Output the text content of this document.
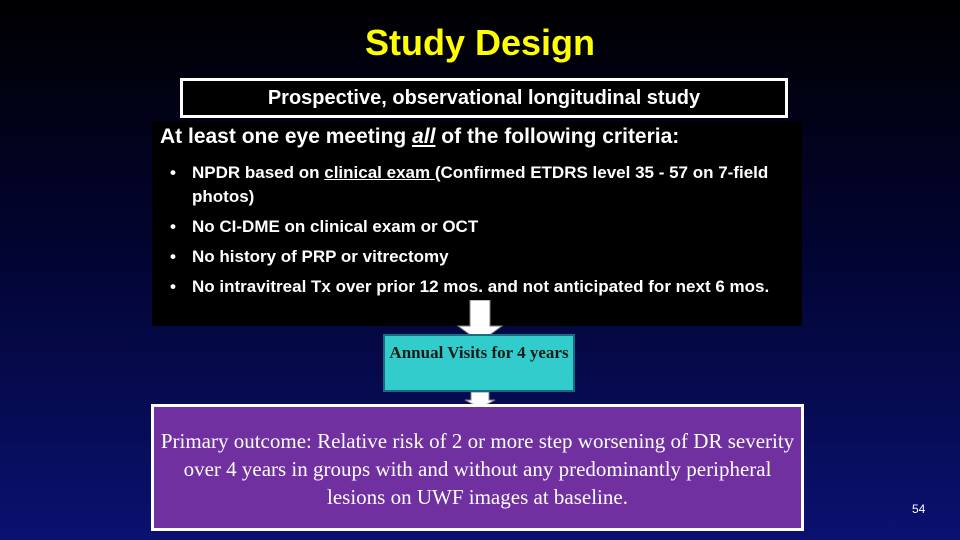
Study Design
Prospective, observational longitudinal study
At least one eye meeting all of the following criteria:
• NPDR based on clinical exam (Confirmed ETDRS level 35 - 57 on 7-field photos)
• No CI-DME on clinical exam or OCT
• No history of PRP or vitrectomy
• No intravitreal Tx over prior 12 mos. and not anticipated for next 6 mos.
Annual Visits for 4 years
Primary outcome: Relative risk of 2 or more step worsening of DR severity over 4 years in groups with and without any predominantly peripheral lesions on UWF images at baseline.	54
